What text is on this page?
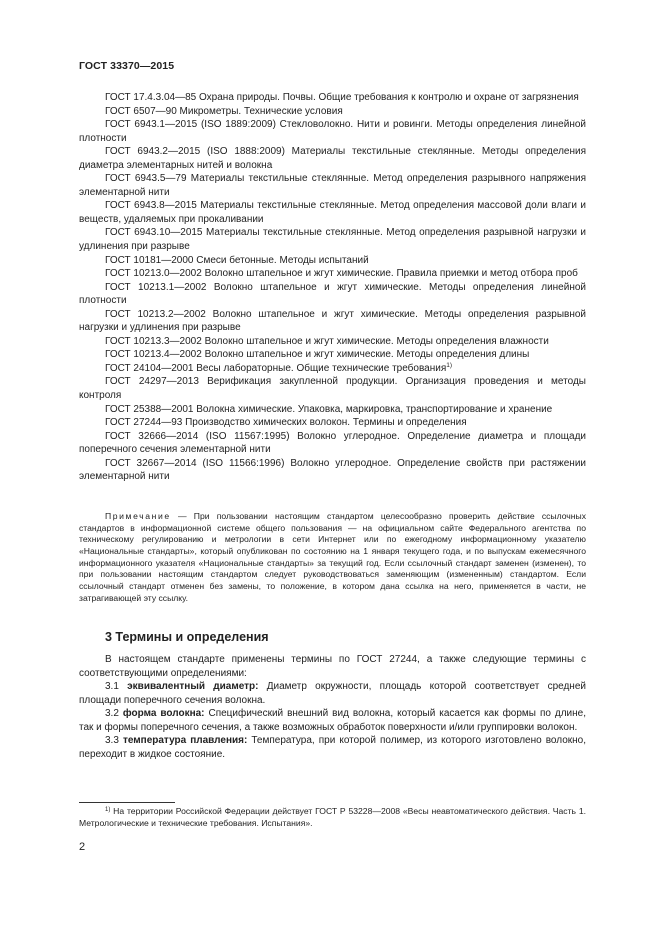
ГОСТ 33370—2015

ГОСТ 17.4.3.04—85 Охрана природы. Почвы. Общие требования к контролю и охране от загрязнения

ГОСТ 6507—90 Микрометры. Технические условия

ГОСТ 6943.1—2015 (ISO 1889:2009) Стекловолокно. Нити и ровинги. Методы определения линейной плотности

ГОСТ 6943.2—2015 (ISO 1888:2009) Материалы текстильные стеклянные. Методы определения диаметра элементарных нитей и волокна

ГОСТ 6943.5—79 Материалы текстильные стеклянные. Метод определения разрывного напряжения элементарной нити

ГОСТ 6943.8—2015 Материалы текстильные стеклянные. Метод определения массовой доли влаги и веществ, удаляемых при прокаливании

ГОСТ 6943.10—2015 Материалы текстильные стеклянные. Метод определения разрывной нагрузки и удлинения при разрыве

ГОСТ 10181—2000 Смеси бетонные. Методы испытаний

ГОСТ 10213.0—2002 Волокно штапельное и жгут химические. Правила приемки и метод отбора проб

ГОСТ 10213.1—2002 Волокно штапельное и жгут химические. Методы определения линейной плотности

ГОСТ 10213.2—2002 Волокно штапельное и жгут химические. Методы определения разрывной нагрузки и удлинения при разрыве

ГОСТ 10213.3—2002 Волокно штапельное и жгут химические. Методы определения влажности

ГОСТ 10213.4—2002 Волокно штапельное и жгут химические. Методы определения длины

ГОСТ 24104—2001 Весы лабораторные. Общие технические требования$^{1)}$

ГОСТ 24297—2013 Верификация закупленной продукции. Организация проведения и методы контроля

ГОСТ 25388—2001 Волокна химические. Упаковка, маркировка, транспортирование и хранение

ГОСТ 27244—93 Производство химических волокон. Термины и определения

ГОСТ 32666—2014 (ISO 11567:1995) Волокно углеродное. Определение диаметра и площади поперечного сечения элементарной нити

ГОСТ 32667—2014 (ISO 11566:1996) Волокно углеродное. Определение свойств при растяжении элементарной нити

Примечание — При пользовании настоящим стандартом целесообразно проверить действие ссылочных стандартов в информационной системе общего пользования — на официальном сайте Федерального агентства по техническому регулированию и метрологии в сети Интернет или по ежегодному информационному указателю «Национальные стандарты», который опубликован по состоянию на 1 января текущего года, и по выпускам ежемесячного информационного указателя «Национальные стандарты» за текущий год. Если ссылочный стандарт заменен (изменен), то при пользовании настоящим стандартом следует руководствоваться заменяющим (измененным) стандартом. Если ссылочный стандарт отменен без замены, то положение, в котором дана ссылка на него, применяется в части, не затрагивающей эту ссылку.

3 Термины и определения

В настоящем стандарте применены термины по ГОСТ 27244, а также следующие термины с соответствующими определениями:

3.1 эквивалентный диаметр: Диаметр окружности, площадь которой соответствует средней площади поперечного сечения волокна.

3.2 форма волокна: Специфический внешний вид волокна, который касается как формы по длине, так и формы поперечного сечения, а также возможных обработок поверхности и/или группировки волокон.

3.3 температура плавления: Температура, при которой полимер, из которого изготовлено волокно, переходит в жидкое состояние.

$^{1)}$ На территории Российской Федерации действует ГОСТ Р 53228—2008 «Весы неавтоматического действия. Часть 1. Метрологические и технические требования. Испытания».

2
